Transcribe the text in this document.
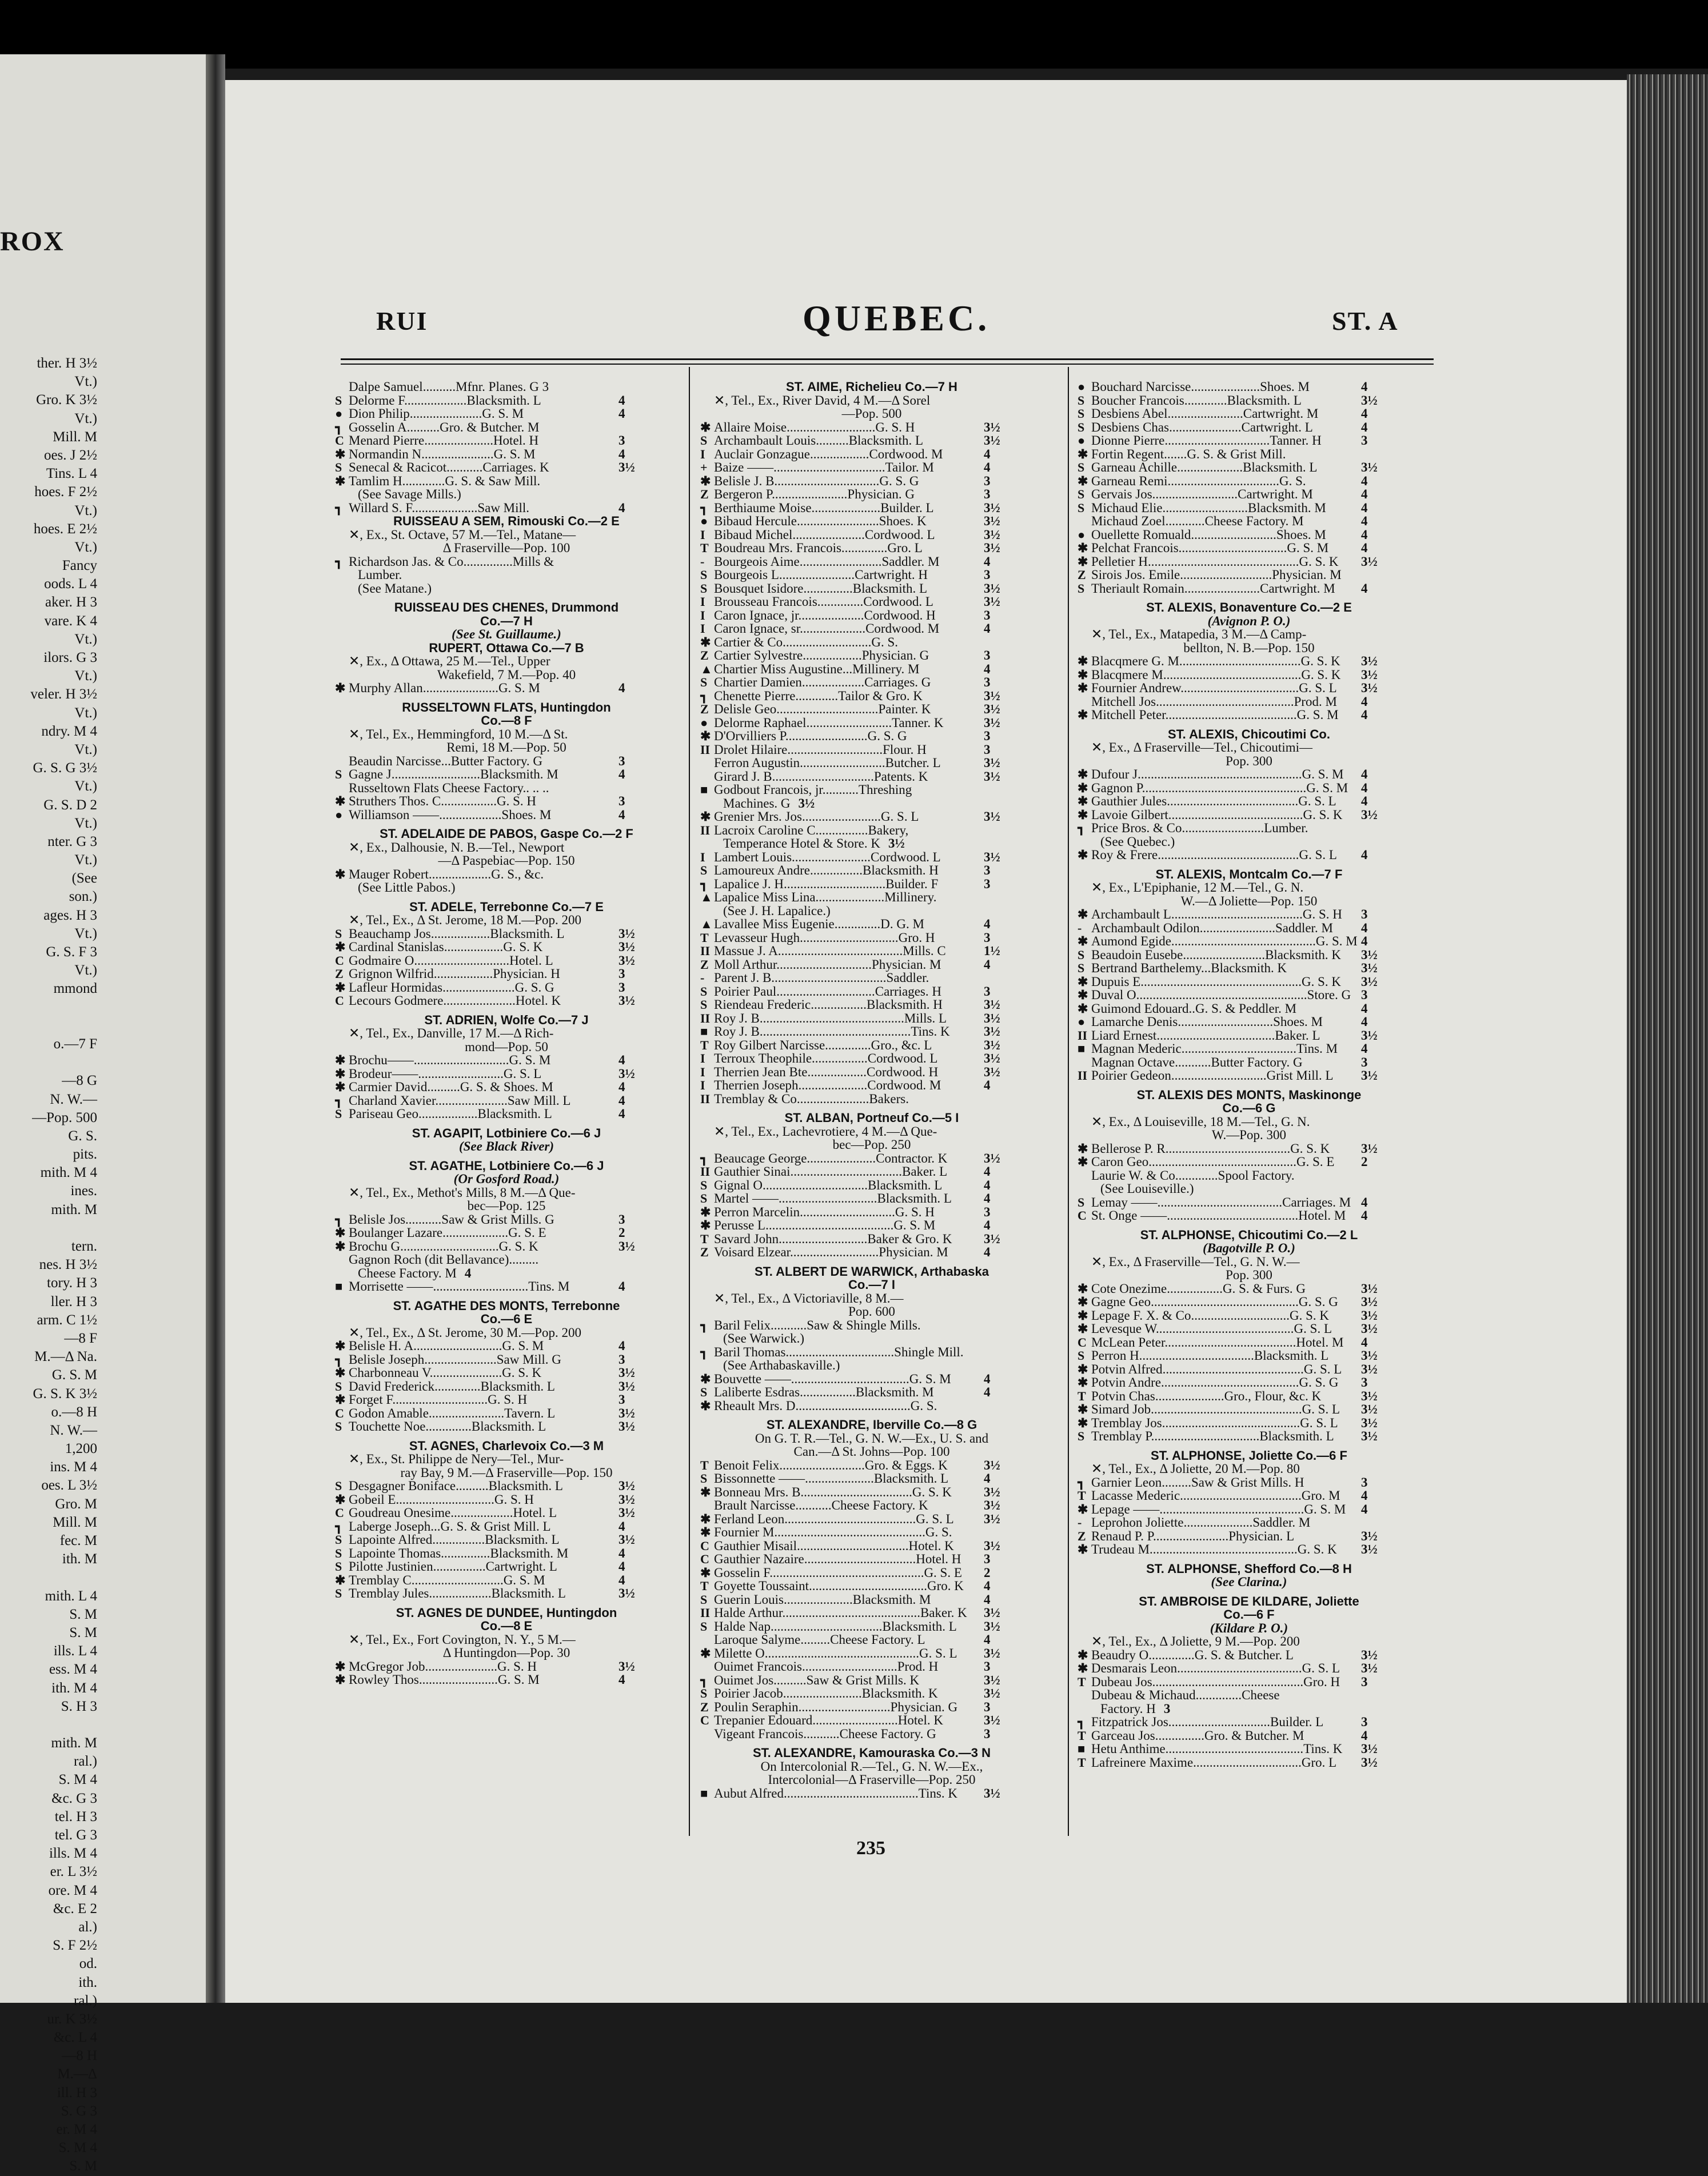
ROX
ther. H 3½
Vt.)
Gro. K 3½
Vt.)
Mill. M
oes. J 2½
Tins. L 4
hoes. F 2½
Vt.)
hoes. E 2½
Vt.)
Fancy
oods. L 4
aker. H 3
vare. K 4
Vt.)
ilors. G 3
Vt.)
veler. H 3½
Vt.)
ndry. M 4
Vt.)
G. S. G 3½
Vt.)
G. S. D 2
Vt.)
nter. G 3
Vt.)
(See
son.)
ages. H 3
Vt.)
G. S. F 3
Vt.)
mmond
o.—7 F
—8 G
N. W.—
—Pop. 500
G. S.
pits.
mith. M 4
ines.
mith. M
tern.
nes. H 3½
tory. H 3
ller. H 3
arm. C 1½
—8 F
M.—Δ Na.
G. S. M
G. S. K 3½
o.—8 H
N. W.—
1,200
ins. M 4
oes. L 3½
Gro. M
Mill. M
fec. M
ith. M
mith. L 4
S. M
S. M
ills. L 4
ess. M 4
ith. M 4
S. H 3
mith. M
ral.)
S. M 4
&c. G 3
tel. H 3
tel. G 3
ills. M 4
er. L 3½
ore. M 4
&c. E 2
al.)
S. F 2½
od.
ith.
ral.)
ur. K 3½
&c. L 4
—8 H
M.—Δ
ill. H 3
S. G 3
er. M 4
S. M 4
S. M
RUI	QUEBEC.	ST. A
Dalpe Samuel..........Mfnr. Planes. G 3
S Delorme F...................Blacksmith. L	4
● Dion Philip......................G. S. M	4
┓ Gosselin A..........Gro. & Butcher. M
C Menard Pierre.....................Hotel. H	3
✱ Normandin N......................G. S. M	4
S Senecal & Racicot...........Carriages. K	3½
✱ Tamlim H.............G. S. & Saw Mill.
(See Savage Mills.)
┓ Willard S. F....................Saw Mill.	4
RUISSEAU A SEM, Rimouski Co.—2 E
✕, Ex., St. Octave, 57 M.—Tel., Matane—
Δ Fraserville—Pop. 100
┓ Richardson Jas. & Co...............Mills &
Lumber.
(See Matane.)
RUISSEAU DES CHENES, Drummond
Co.—7 H
(See St. Guillaume.)
RUPERT, Ottawa Co.—7 B
✕, Ex., Δ Ottawa, 25 M.—Tel., Upper
Wakefield, 7 M.—Pop. 40
✱ Murphy Allan.......................G. S. M	4
RUSSELTOWN FLATS, Huntingdon
Co.—8 F
✕, Tel., Ex., Hemmingford, 10 M.—Δ St.
Remi, 18 M.—Pop. 50
Beaudin Narcisse...Butter Factory. G	3
S Gagne J...........................Blacksmith. M	4
Russeltown Flats Cheese Factory.. .. ..
✱ Struthers Thos. C.................G. S. H	3
● Williamson ——...................Shoes. M	4
ST. ADELAIDE DE PABOS, Gaspe Co.—2 F
✕, Ex., Dalhousie, N. B.—Tel., Newport
—Δ Paspebiac—Pop. 150
✱ Mauger Robert...................G. S., &c.
(See Little Pabos.)
ST. ADELE, Terrebonne Co.—7 E
✕, Tel., Ex., Δ St. Jerome, 18 M.—Pop. 200
S Beauchamp Jos..................Blacksmith. L	3½
✱ Cardinal Stanislas..................G. S. K	3½
C Godmaire O.............................Hotel. L	3½
Z Grignon Wilfrid..................Physician. H	3
✱ Lafleur Hormidas......................G. S. G	3
C Lecours Godmere......................Hotel. K	3½
ST. ADRIEN, Wolfe Co.—7 J
✕, Tel., Ex., Danville, 17 M.—Δ Rich-
mond—Pop. 50
✱ Brochu——.............................G. S. M	4
✱ Brodeur——..........................G. S. L	3½
✱ Carmier David..........G. S. & Shoes. M	4
┓ Charland Xavier......................Saw Mill. L	4
S Pariseau Geo..................Blacksmith. L	4
ST. AGAPIT, Lotbiniere Co.—6 J
(See Black River)
ST. AGATHE, Lotbiniere Co.—6 J
(Or Gosford Road.)
✕, Tel., Ex., Methot's Mills, 8 M.—Δ Que-
bec—Pop. 125
┓ Belisle Jos...........Saw & Grist Mills. G	3
✱ Boulanger Lazare....................G. S. E	2
✱ Brochu G..............................G. S. K	3½
Gagnon Roch (dit Bellavance).........
Cheese Factory. M 4
■ Morrisette ——.............................Tins. M	4
ST. AGATHE DES MONTS, Terrebonne
Co.—6 E
✕, Tel., Ex., Δ St. Jerome, 30 M.—Pop. 200
✱ Belisle H. A...........................G. S. M	4
┓ Belisle Joseph......................Saw Mill. G	3
✱ Charbonneau V......................G. S. K	3½
S David Frederick..............Blacksmith. L	3½
✱ Forget F.............................G. S. H	3
C Godon Amable.......................Tavern. L	3½
S Touchette Noe..............Blacksmith. L	3½
ST. AGNES, Charlevoix Co.—3 M
✕, Ex., St. Philippe de Nery—Tel., Mur-
ray Bay, 9 M.—Δ Fraserville—Pop. 150
S Desgagner Boniface..........Blacksmith. L	3½
✱ Gobeil E..............................G. S. H	3½
C Goudreau Onesime...................Hotel. L	3½
┓ Laberge Joseph...G. S. & Grist Mill. L	4
S Lapointe Alfred................Blacksmith. L	3½
S Lapointe Thomas...............Blacksmith. M	4
S Pilotte Justinien................Cartwright. L	4
✱ Tremblay C............................G. S. M	4
S Tremblay Jules...................Blacksmith. L	3½
ST. AGNES DE DUNDEE, Huntingdon
Co.—8 E
✕, Tel., Ex., Fort Covington, N. Y., 5 M.—
Δ Huntingdon—Pop. 30
✱ McGregor Job......................G. S. H	3½
✱ Rowley Thos........................G. S. M	4
ST. AIME, Richelieu Co.—7 H
✕, Tel., Ex., River David, 4 M.—Δ Sorel
—Pop. 500
✱ Allaire Moise...........................G. S. H	3½
S Archambault Louis..........Blacksmith. L	3½
I Auclair Gonzague..................Cordwood. M	4
+ Baize ——..................................Tailor. M	4
✱ Belisle J. B................................G. S. G	3
Z Bergeron P.......................Physician. G	3
┓ Berthiaume Moise.....................Builder. L	3½
● Bibaud Hercule.........................Shoes. K	3½
I Bibaud Michel......................Cordwood. L	3½
T Boudreau Mrs. Francois..............Gro. L	3½
- Bourgeois Aime.........................Saddler. M	4
S Bourgeois L.......................Cartwright. H	3
S Bousquet Isidore...............Blacksmith. L	3½
I Brousseau Francois..............Cordwood. L	3½
I Caron Ignace, jr....................Cordwood. H	3
I Caron Ignace, sr....................Cordwood. M	4
✱ Cartier & Co...........................G. S.
Z Cartier Sylvestre..................Physician. G	3
▲ Chartier Miss Augustine...Millinery. M	4
S Chartier Damien...................Carriages. G	3
┓ Chenette Pierre.............Tailor & Gro. K	3½
Z Delisle Geo...............................Painter. K	3½
● Delorme Raphael..........................Tanner. K	3½
✱ D'Orvilliers P.........................G. S. G	3
II Drolet Hilaire.............................Flour. H	3
Ferron Augustin..........................Butcher. L	3½
Girard J. B...............................Patents. K	3½
■ Godbout Francois, jr...........Threshing
Machines. G 3½
✱ Grenier Mrs. Jos........................G. S. L	3½
II Lacroix Caroline C................Bakery,
Temperance Hotel & Store. K 3½
I Lambert Louis........................Cordwood. L	3½
S Lamoureux Andre................Blacksmith. H	3
┓ Lapalice J. H...............................Builder. F	3
▲ Lapalice Miss Lina.....................Millinery.
(See J. H. Lapalice.)
▲ Lavallee Miss Eugenie..............D. G. M	4
T Levasseur Hugh..............................Gro. H	3
II Massue J. A......................................Mills. C	1½
Z Moll Arthur.............................Physician. M	4
- Parent J. B...................................Saddler.
S Poirier Paul..............................Carriages. H	3
S Riendeau Frederic.................Blacksmith. H	3½
II Roy J. B............................................Mills. L	3½
■ Roy J. B..............................................Tins. K	3½
T Roy Gilbert Narcisse..............Gro., &c. L	3½
I Terroux Theophile.................Cordwood. L	3½
I Therrien Jean Bte..................Cordwood. H	3½
I Therrien Joseph.....................Cordwood. M	4
II Tremblay & Co......................Bakers.
ST. ALBAN, Portneuf Co.—5 I
✕, Tel., Ex., Lachevrotiere, 4 M.—Δ Que-
bec—Pop. 250
┓ Beaucage George.....................Contractor. K	3½
II Gauthier Sinai..................................Baker. L	4
S Gignal O................................Blacksmith. L	4
S Martel ——..............................Blacksmith. L	4
✱ Perron Marcelin.............................G. S. H	3
✱ Perusse L.......................................G. S. M	4
T Savard John...........................Baker & Gro. K	3½
Z Voisard Elzear...........................Physician. M	4
ST. ALBERT DE WARWICK, Arthabaska
Co.—7 I
✕, Tel., Ex., Δ Victoriaville, 8 M.—
Pop. 600
┓ Baril Felix...........Saw & Shingle Mills.
(See Warwick.)
┓ Baril Thomas.................................Shingle Mill.
(See Arthabaskaville.)
✱ Bouvette ——....................................G. S. M	4
S Laliberte Esdras.................Blacksmith. M	4
✱ Rheault Mrs. D...................................G. S.
ST. ALEXANDRE, Iberville Co.—8 G
On G. T. R.—Tel., G. N. W.—Ex., U. S. and
Can.—Δ St. Johns—Pop. 100
T Benoit Felix..........................Gro. & Eggs. K	3½
S Bissonnette ——.....................Blacksmith. L	4
✱ Bonneau Mrs. B..................................G. S. K	3½
Brault Narcisse...........Cheese Factory. K	3½
✱ Ferland Leon........................................G. S. L	3½
✱ Fournier M..............................................G. S.
C Gauthier Misail..................................Hotel. K	3½
C Gauthier Nazaire..................................Hotel. H	3
✱ Gosselin F...............................................G. S. E	2
T Goyette Toussaint....................................Gro. K	4
S Guerin Louis.....................Blacksmith. M	4
II Halde Arthur..........................................Baker. K	3½
S Halde Nap..................................Blacksmith. L	3½
Laroque Salyme.........Cheese Factory. L	4
✱ Milette O...............................................G. S. L	3½
Ouimet Francois.............................Prod. H	3
┓ Ouimet Jos..........Saw & Grist Mills. K	3½
S Poirier Jacob........................Blacksmith. K	3½
Z Poulin Seraphin............................Physician. G	3
C Trepanier Edouard..........................Hotel. K	3½
Vigeant Francois...........Cheese Factory. G	3
ST. ALEXANDRE, Kamouraska Co.—3 N
On Intercolonial R.—Tel., G. N. W.—Ex.,
Intercolonial—Δ Fraserville—Pop. 250
■ Aubut Alfred.........................................Tins. K	3½
● Bouchard Narcisse.....................Shoes. M	4
S Boucher Francois.............Blacksmith. L	3½
S Desbiens Abel.......................Cartwright. M	4
S Desbiens Chas......................Cartwright. L	4
● Dionne Pierre................................Tanner. H	3
✱ Fortin Regent.......G. S. & Grist Mill.
S Garneau Achille....................Blacksmith. L	3½
✱ Garneau Remi..................................G. S.	4
S Gervais Jos..........................Cartwright. M	4
S Michaud Elie..........................Blacksmith. M	4
Michaud Zoel............Cheese Factory. M	4
● Ouellette Romuald..........................Shoes. M	4
✱ Pelchat Francois.................................G. S. M	4
✱ Pelletier H..............................................G. S. K	3½
Z Sirois Jos. Emile............................Physician. M
S Theriault Romain.......................Cartwright. M	4
ST. ALEXIS, Bonaventure Co.—2 E
(Avignon P. O.)
✕, Tel., Ex., Matapedia, 3 M.—Δ Camp-
bellton, N. B.—Pop. 150
✱ Blacqmere G. M.....................................G. S. K	3½
✱ Blacqmere M..........................................G. S. K	3½
✱ Fournier Andrew....................................G. S. L	3½
Mitchell Jos..........................................Prod. M	4
✱ Mitchell Peter........................................G. S. M	4
ST. ALEXIS, Chicoutimi Co.
✕, Ex., Δ Fraserville—Tel., Chicoutimi—
Pop. 300
✱ Dufour J..................................................G. S. M	4
✱ Gagnon P..................................................G. S. M 4
✱ Gauthier Jules........................................G. S. L	4
✱ Lavoie Gilbert.........................................G. S. K	3½
┓ Price Bros. & Co.........................Lumber.
(See Quebec.)
✱ Roy & Frere...........................................G. S. L	4
ST. ALEXIS, Montcalm Co.—7 F
✕, Ex., L'Epiphanie, 12 M.—Tel., G. N.
W.—Δ Joliette—Pop. 150
✱ Archambault L........................................G. S. H	3
- Archambault Odilon.......................Saddler. M	4
✱ Aumond Egide............................................G. S. M 4
S Beaudoin Eusebe.........................Blacksmith. K	3½
S Bertrand Barthelemy...Blacksmith. K	3½
✱ Dupuis E.................................................G. S. K	3½
✱ Duval O....................................................Store. G 3
✱ Guimond Edouard..G. S. & Peddler. M	4
● Lamarche Denis.............................Shoes. M	4
II Liard Ernest....................................Baker. L	3½
■ Magnan Mederic...................................Tins. M	4
Magnan Octave...........Butter Factory. G	3
II Poirier Gedeon.............................Grist Mill. L	3½
ST. ALEXIS DES MONTS, Maskinonge
Co.—6 G
✕, Ex., Δ Louiseville, 18 M.—Tel., G. N.
W.—Pop. 300
✱ Bellerose P. R......................................G. S. K	3½
✱ Caron Geo.............................................G. S. E	2
Laurie W. & Co.............Spool Factory.
(See Louiseville.)
S Lemay ——......................................Carriages. M 4
C St. Onge ——........................................Hotel. M	4
ST. ALPHONSE, Chicoutimi Co.—2 L
(Bagotville P. O.)
✕, Ex., Δ Fraserville—Tel., G. N. W.—
Pop. 300
✱ Cote Onezime.................G. S. & Furs. G	3½
✱ Gagne Geo.............................................G. S. G	3½
✱ Lepage F. X. & Co..............................G. S. K	3½
✱ Levesque W..........................................G. S. L	3½
C McLean Peter........................................Hotel. M	4
S Perron H...................................Blacksmith. L	3½
✱ Potvin Alfred...........................................G. S. L	3½
✱ Potvin Andre..........................................G. S. G	3
T Potvin Chas.....................Gro., Flour, &c. K	3½
✱ Simard Job..............................................G. S. L	3½
✱ Tremblay Jos..........................................G. S. L	3½
S Tremblay P.................................Blacksmith. L	3½
ST. ALPHONSE, Joliette Co.—6 F
✕, Tel., Ex., Δ Joliette, 20 M.—Pop. 80
┓ Garnier Leon.........Saw & Grist Mills. H	3
T Lacasse Mederic.....................................Gro. M	4
✱ Lepage ——............................................G. S. M	4
- Leprohon Joliette.....................Saddler. M
Z Renaud P. P.......................Physician. L	3½
✱ Trudeau M.............................................G. S. K	3½
ST. ALPHONSE, Shefford Co.—8 H
(See Clarina.)
ST. AMBROISE DE KILDARE, Joliette
Co.—6 F
(Kildare P. O.)
✕, Tel., Ex., Δ Joliette, 9 M.—Pop. 200
✱ Beaudry O..............G. S. & Butcher. L	3½
✱ Desmarais Leon......................................G. S. L	3½
T Dubeau Jos..............................................Gro. H	3
Dubeau & Michaud..............Cheese
Factory. H 3
┓ Fitzpatrick Jos...............................Builder. L	3
T Garceau Jos...............Gro. & Butcher. M	4
■ Hetu Anthime..........................................Tins. K	3½
T Lafreinere Maxime.................................Gro. L	3½
235
